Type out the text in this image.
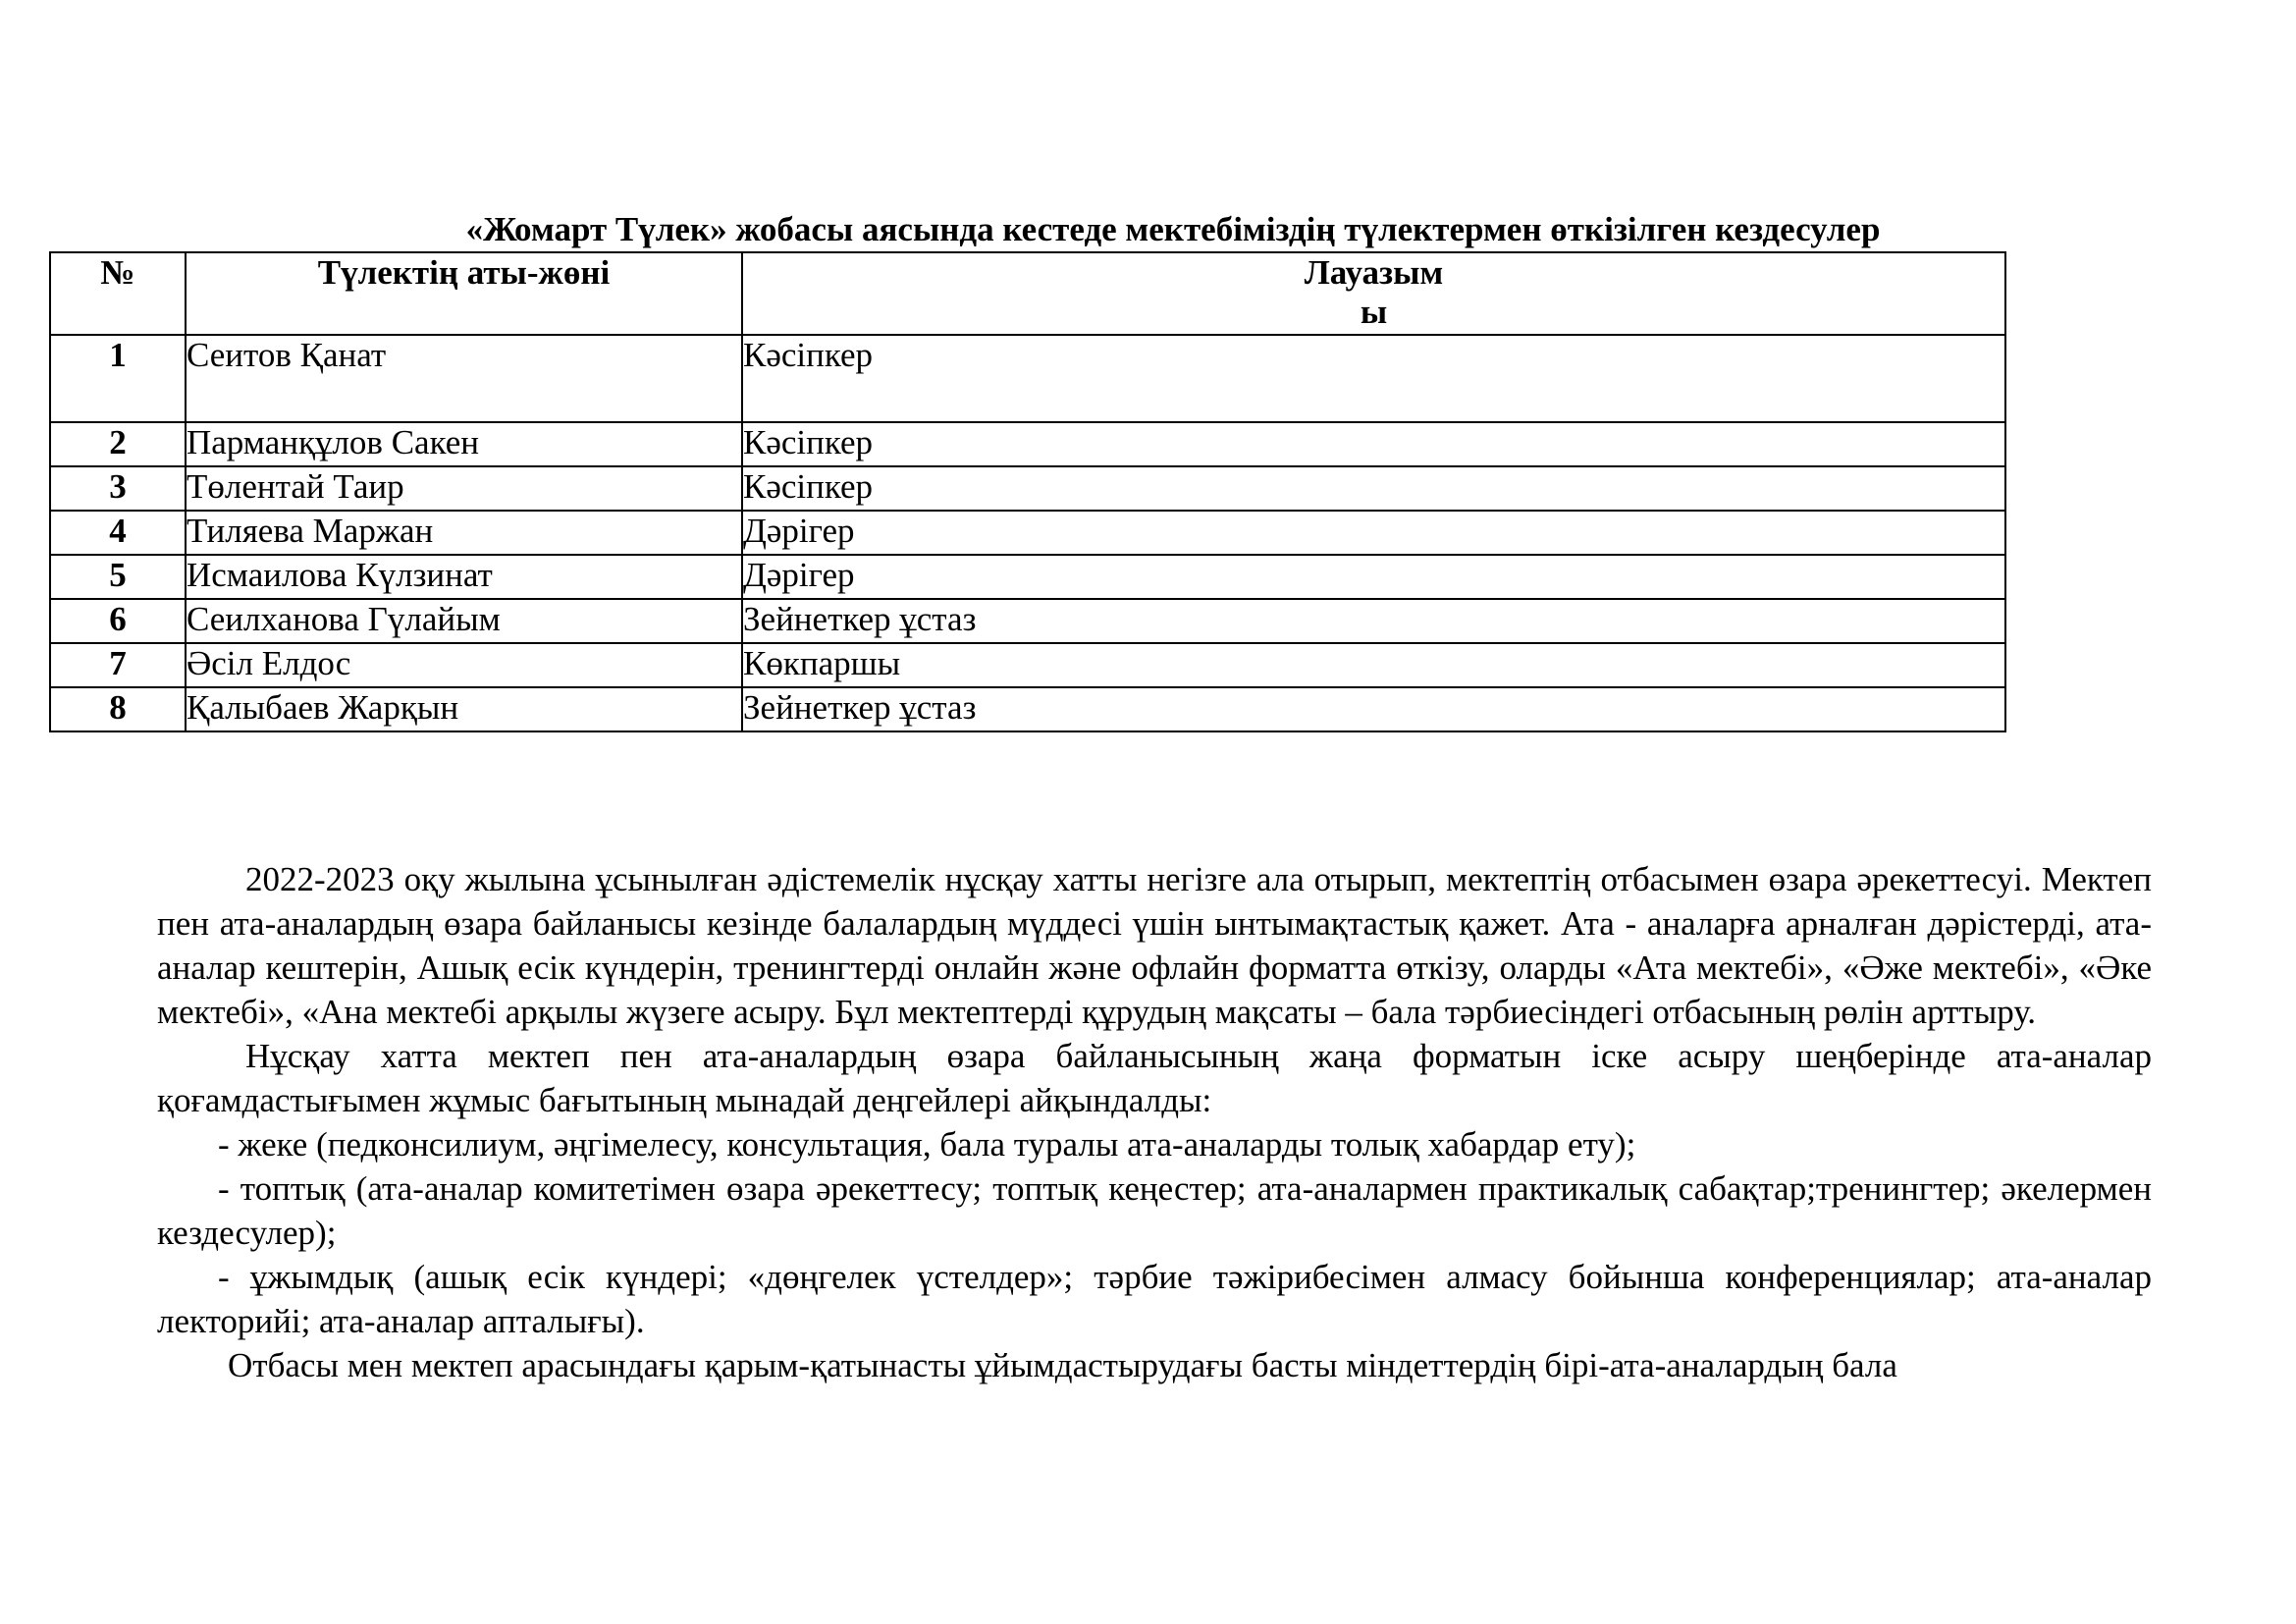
«Жомарт Түлек» жобасы аясында кестеде мектебіміздің түлектермен өткізілген кездесулер
№	Түлектің аты-жөні	Лауазым
ы
1	Сеитов Қанат	Кәсіпкер
2	Парманқұлов Сакен	Кәсіпкер
3	Төлентай Таир	Кәсіпкер
4	Тиляева Маржан	Дәрігер
5	Исмаилова Күлзинат	Дәрігер
6	Сеилханова Гүлайым	Зейнеткер ұстаз
7	Әсіл Елдос	Көкпаршы
8	Қалыбаев Жарқын	Зейнеткер ұстаз

2022-2023 оқу жылына ұсынылған әдістемелік нұсқау хатты негізге ала отырып, мектептің отбасымен өзара әрекеттесуі. Мектеп пен ата-аналардың өзара байланысы кезінде балалардың мүддесі үшін ынтымақтастық қажет. Ата - аналарға арналған дәрістерді, ата-аналар кештерін, Ашық есік күндерін, тренингтерді онлайн және офлайн форматта өткізу, оларды «Ата мектебі», «Әже мектебі», «Әке мектебі», «Ана мектебі арқылы жүзеге асыру. Бұл мектептерді құрудың мақсаты – бала тәрбиесіндегі отбасының рөлін арттыру.

Нұсқау хатта мектеп пен ата-аналардың өзара байланысының жаңа форматын іске асыру шеңберінде ата-аналар қоғамдастығымен жұмыс бағытының мынадай деңгейлері айқындалды:

- жеке (педконсилиум, әңгімелесу, консультация, бала туралы ата-аналарды толық хабардар ету);

- топтық (ата-аналар комитетімен өзара әрекеттесу; топтық кеңестер; ата-аналармен практикалық сабақтар;тренингтер; әкелермен кездесулер);

- ұжымдық (ашық есік күндері; «дөңгелек үстелдер»; тәрбие тәжірибесімен алмасу бойынша конференциялар; ата-аналар лекторийі; ата-аналар апталығы).

Отбасы мен мектеп арасындағы қарым-қатынасты ұйымдастырудағы басты міндеттердің бірі-ата-аналардың бала
